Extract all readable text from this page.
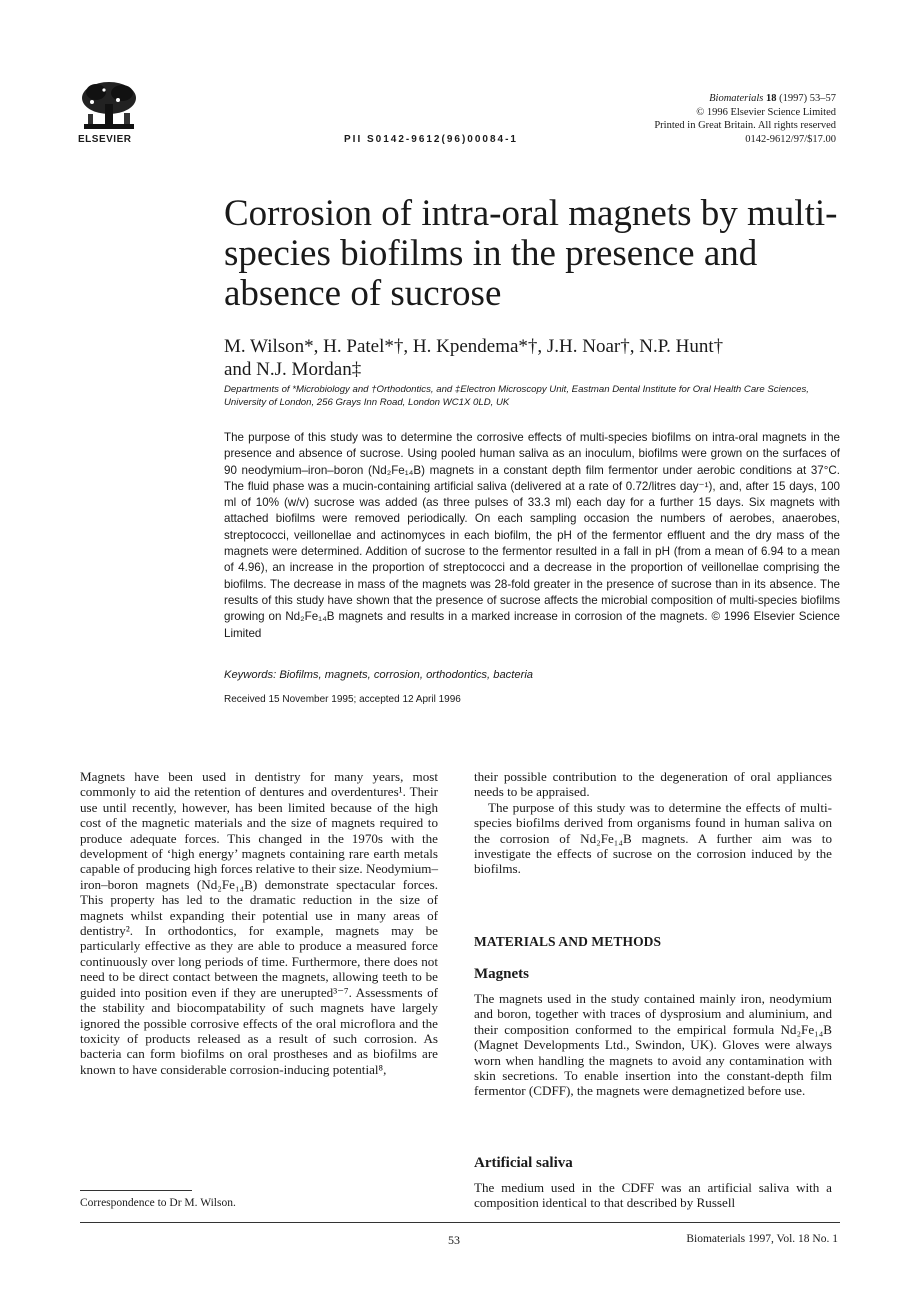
ELSEVIER	PII S0142-9612(96)00084-1
Biomaterials 18 (1997) 53–57
© 1996 Elsevier Science Limited
Printed in Great Britain. All rights reserved
0142-9612/97/$17.00
Corrosion of intra-oral magnets by multi-species biofilms in the presence and absence of sucrose
M. Wilson*, H. Patel*†, H. Kpendema*†, J.H. Noar†, N.P. Hunt†
and N.J. Mordan‡
Departments of *Microbiology and †Orthodontics, and ‡Electron Microscopy Unit, Eastman Dental Institute for Oral Health Care Sciences, University of London, 256 Grays Inn Road, London WC1X 0LD, UK

The purpose of this study was to determine the corrosive effects of multi-species biofilms on intra-oral magnets in the presence and absence of sucrose. Using pooled human saliva as an inoculum, biofilms were grown on the surfaces of 90 neodymium–iron–boron (Nd₂Fe₁₄B) magnets in a constant depth film fermentor under aerobic conditions at 37°C. The fluid phase was a mucin-containing artificial saliva (delivered at a rate of 0.72/litres day⁻¹), and, after 15 days, 100 ml of 10% (w/v) sucrose was added (as three pulses of 33.3 ml) each day for a further 15 days. Six magnets with attached biofilms were removed periodically. On each sampling occasion the numbers of aerobes, anaerobes, streptococci, veillonellae and actinomyces in each biofilm, the pH of the fermentor effluent and the dry mass of the magnets were determined. Addition of sucrose to the fermentor resulted in a fall in pH (from a mean of 6.94 to a mean of 4.96), an increase in the proportion of streptococci and a decrease in the proportion of veillonellae comprising the biofilms. The decrease in mass of the magnets was 28-fold greater in the presence of sucrose than in its absence. The results of this study have shown that the presence of sucrose affects the microbial composition of multi-species biofilms growing on Nd₂Fe₁₄B magnets and results in a marked increase in corrosion of the magnets. © 1996 Elsevier Science Limited

Keywords: Biofilms, magnets, corrosion, orthodontics, bacteria
Received 15 November 1995; accepted 12 April 1996

Magnets have been used in dentistry for many years, most commonly to aid the retention of dentures and overdentures¹. Their use until recently, however, has been limited because of the high cost of the magnetic materials and the size of magnets required to produce adequate forces. This changed in the 1970s with the development of ‘high energy’ magnets containing rare earth metals capable of producing high forces relative to their size. Neodymium–iron–boron magnets (Nd₂Fe₁₄B) demonstrate spectacular forces. This property has led to the dramatic reduction in the size of magnets whilst expanding their potential use in many areas of dentistry². In orthodontics, for example, magnets may be particularly effective as they are able to produce a measured force continuously over long periods of time. Furthermore, there does not need to be direct contact between the magnets, allowing teeth to be guided into position even if they are unerupted³⁻⁷. Assessments of the stability and biocompatability of such magnets have largely ignored the possible corrosive effects of the oral microflora and the toxicity of products released as a result of such corrosion. As bacteria can form biofilms on oral prostheses and as biofilms are known to have considerable corrosion-inducing potential⁸,

their possible contribution to the degeneration of oral appliances needs to be appraised.

The purpose of this study was to determine the effects of multi-species biofilms derived from organisms found in human saliva on the corrosion of Nd₂Fe₁₄B magnets. A further aim was to investigate the effects of sucrose on the corrosion induced by the biofilms.

MATERIALS AND METHODS
Magnets
The magnets used in the study contained mainly iron, neodymium and boron, together with traces of dysprosium and aluminium, and their composition conformed to the empirical formula Nd₂Fe₁₄B (Magnet Developments Ltd., Swindon, UK). Gloves were always worn when handling the magnets to avoid any contamination with skin secretions. To enable insertion into the constant-depth film fermentor (CDFF), the magnets were demagnetized before use.
Artificial saliva
The medium used in the CDFF was an artificial saliva with a composition identical to that described by Russell
Correspondence to Dr M. Wilson.
53	Biomaterials 1997, Vol. 18 No. 1
